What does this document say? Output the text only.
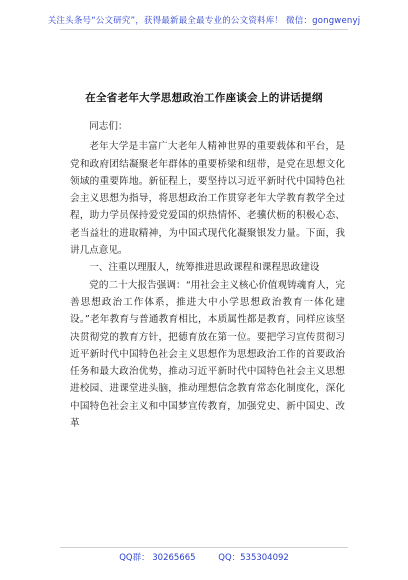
关注头条号“公文研究”，获得最新最全最专业的公文资料库！ 微信：gongwenyj
在全省老年大学思想政治工作座谈会上的讲话提纲

同志们：

老年大学是丰富广大老年人精神世界的重要载体和平台，是党和政府团结凝聚老年群体的重要桥梁和纽带，是党在思想文化领域的重要阵地。新征程上，要坚持以习近平新时代中国特色社会主义思想为指导，将思想政治工作贯穿老年大学教育教学全过程，助力学员保持爱党爱国的炽热情怀、老骥伏枥的积极心态、老当益壮的进取精神，为中国式现代化凝聚银发力量。下面，我讲几点意见。

一、注重以理服人，统筹推进思政课程和课程思政建设

党的二十大报告强调：“用社会主义核心价值观铸魂育人，完善思想政治工作体系，推进大中小学思想政治教育一体化建设。”老年教育与普通教育相比，本质属性都是教育，同样应该坚决贯彻党的教育方针，把德育放在第一位。要把学习宣传贯彻习近平新时代中国特色社会主义思想作为思想政治工作的首要政治任务和最大政治优势，推动习近平新时代中国特色社会主义思想进校园、进课堂进头脑，推动理想信念教育常态化制度化，深化中国特色社会主义和中国梦宣传教育，加强党史、新中国史、改革

QQ群： 30265665	QQ：535304092
